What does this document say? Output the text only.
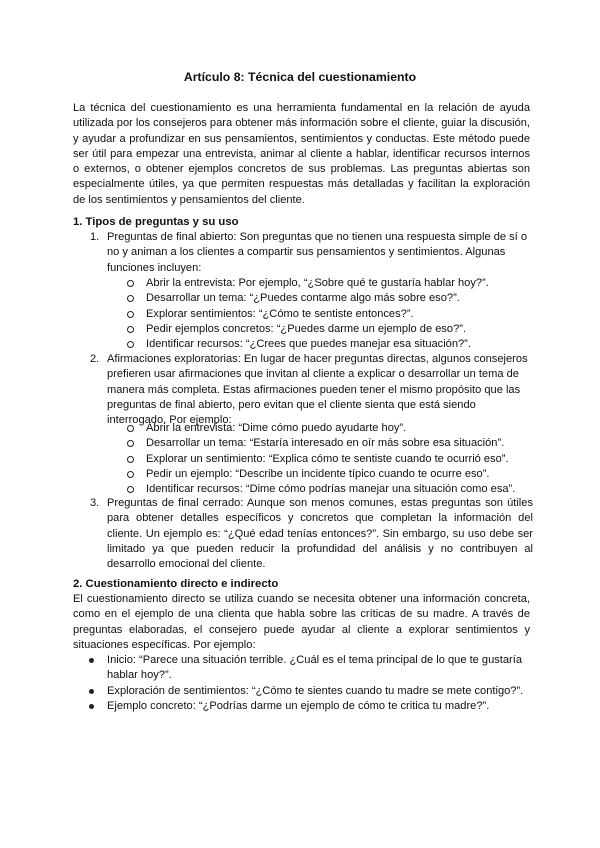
Artículo 8: Técnica del cuestionamiento

La técnica del cuestionamiento es una herramienta fundamental en la relación de ayuda utilizada por los consejeros para obtener más información sobre el cliente, guiar la discusión, y ayudar a profundizar en sus pensamientos, sentimientos y conductas. Este método puede ser útil para empezar una entrevista, animar al cliente a hablar, identificar recursos internos o externos, o obtener ejemplos concretos de sus problemas. Las preguntas abiertas son especialmente útiles, ya que permiten respuestas más detalladas y facilitan la exploración de los sentimientos y pensamientos del cliente.

1. Tipos de preguntas y su uso
1. Preguntas de final abierto: Son preguntas que no tienen una respuesta simple de sí o no y animan a los clientes a compartir sus pensamientos y sentimientos. Algunas funciones incluyen:
Abrir la entrevista: Por ejemplo, “¿Sobre qué te gustaría hablar hoy?”.
Desarrollar un tema: “¿Puedes contarme algo más sobre eso?”.
Explorar sentimientos: “¿Cómo te sentiste entonces?”.
Pedir ejemplos concretos: “¿Puedes darme un ejemplo de eso?”.
Identificar recursos: “¿Crees que puedes manejar esa situación?”.
2. Afirmaciones exploratorias: En lugar de hacer preguntas directas, algunos consejeros prefieren usar afirmaciones que invitan al cliente a explicar o desarrollar un tema de manera más completa. Estas afirmaciones pueden tener el mismo propósito que las preguntas de final abierto, pero evitan que el cliente sienta que está siendo interrogado. Por ejemplo:
Abrir la entrevista: “Dime cómo puedo ayudarte hoy”.
Desarrollar un tema: “Estaría interesado en oír más sobre esa situación”.
Explorar un sentimiento: “Explica cómo te sentiste cuando te ocurrió eso”.
Pedir un ejemplo: “Describe un incidente típico cuando te ocurre eso”.
Identificar recursos: “Dime cómo podrías manejar una situación como esa”.
3. Preguntas de final cerrado: Aunque son menos comunes, estas preguntas son útiles para obtener detalles específicos y concretos que completan la información del cliente. Un ejemplo es: “¿Qué edad tenías entonces?”. Sin embargo, su uso debe ser limitado ya que pueden reducir la profundidad del análisis y no contribuyen al desarrollo emocional del cliente.
2. Cuestionamiento directo e indirecto

El cuestionamiento directo se utiliza cuando se necesita obtener una información concreta, como en el ejemplo de una clienta que habla sobre las críticas de su madre. A través de preguntas elaboradas, el consejero puede ayudar al cliente a explorar sentimientos y situaciones específicas. Por ejemplo:

Inicio: “Parece una situación terrible. ¿Cuál es el tema principal de lo que te gustaría hablar hoy?”.
Exploración de sentimientos: “¿Cómo te sientes cuando tu madre se mete contigo?”.
Ejemplo concreto: “¿Podrías darme un ejemplo de cómo te critica tu madre?”.
